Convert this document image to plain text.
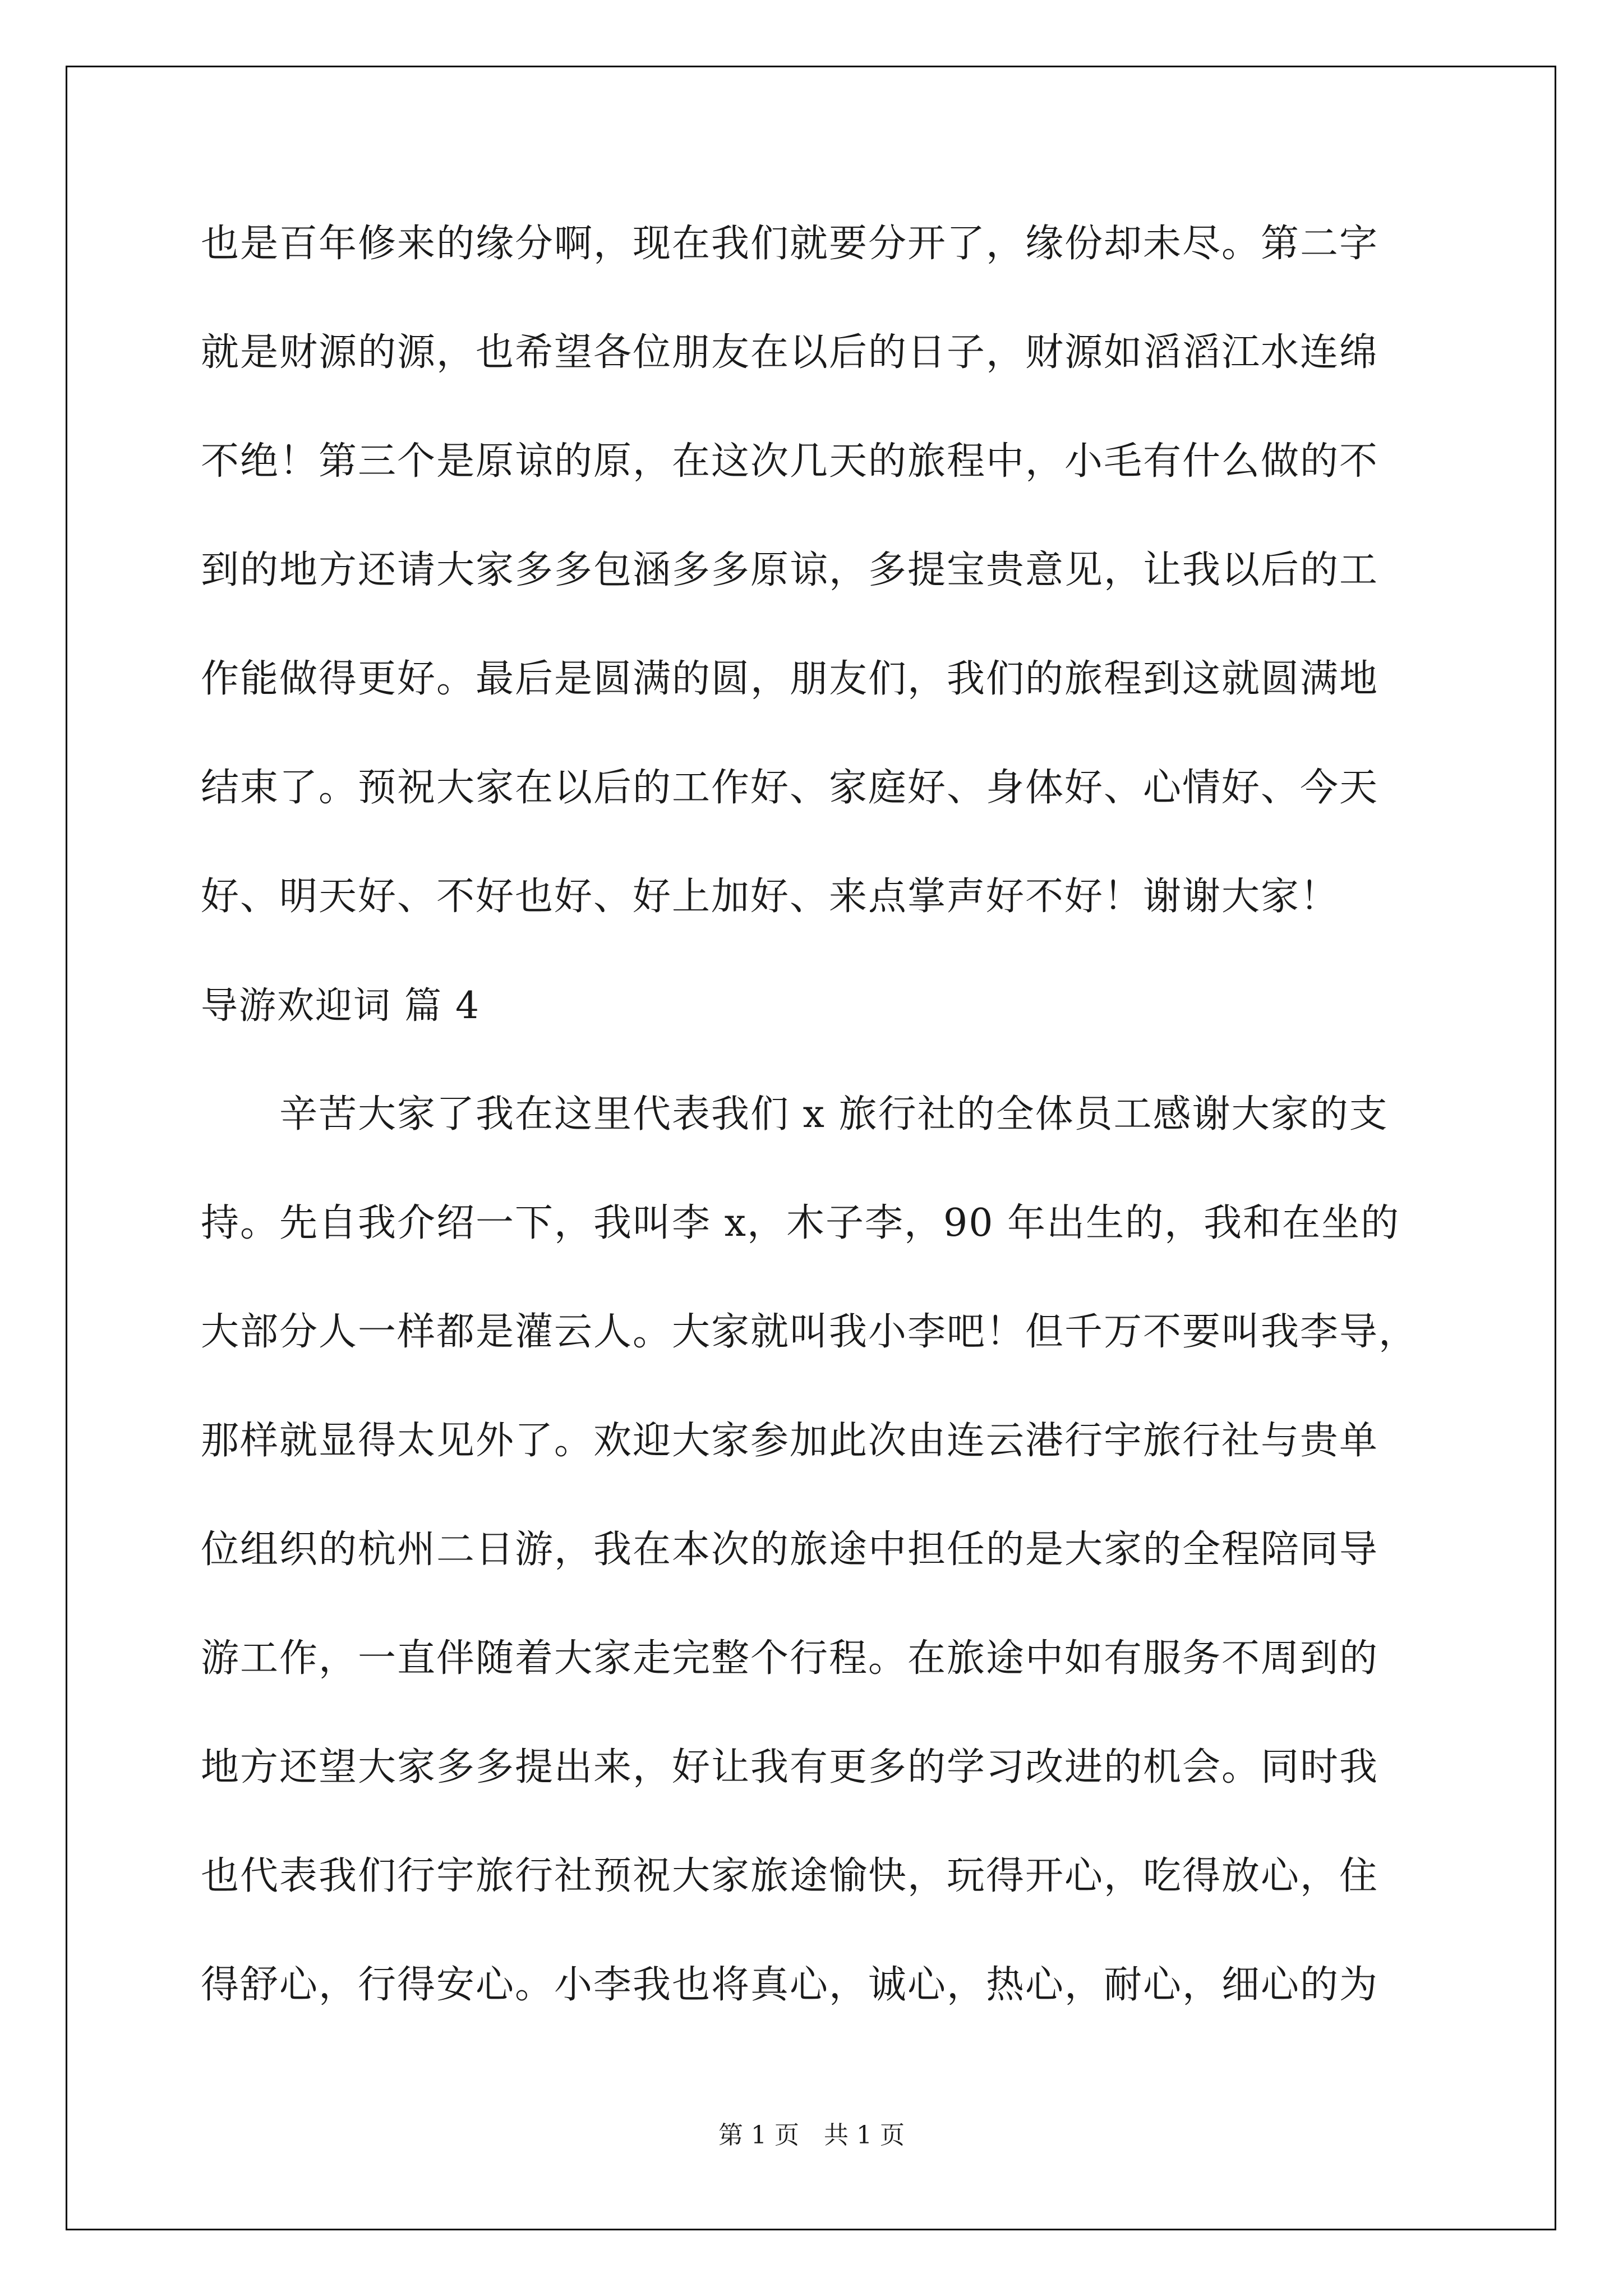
也是百年修来的缘分啊，现在我们就要分开了，缘份却未尽。第二字
就是财源的源，也希望各位朋友在以后的日子，财源如滔滔江水连绵
不绝！第三个是原谅的原，在这次几天的旅程中，小毛有什么做的不
到的地方还请大家多多包涵多多原谅，多提宝贵意见，让我以后的工
作能做得更好。最后是圆满的圆，朋友们，我们的旅程到这就圆满地
结束了。预祝大家在以后的工作好、家庭好、身体好、心情好、今天
好、明天好、不好也好、好上加好、来点掌声好不好！谢谢大家！
导游欢迎词 篇 4
　　辛苦大家了我在这里代表我们 x 旅行社的全体员工感谢大家的支
持。先自我介绍一下，我叫李 x，木子李，90 年出生的，我和在坐的
大部分人一样都是灌云人。大家就叫我小李吧！但千万不要叫我李导，
那样就显得太见外了。欢迎大家参加此次由连云港行宇旅行社与贵单
位组织的杭州二日游，我在本次的旅途中担任的是大家的全程陪同导
游工作，一直伴随着大家走完整个行程。在旅途中如有服务不周到的
地方还望大家多多提出来，好让我有更多的学习改进的机会。同时我
也代表我们行宇旅行社预祝大家旅途愉快，玩得开心，吃得放心，住
得舒心，行得安心。小李我也将真心，诚心，热心，耐心，细心的为
第 1 页　共 1 页
